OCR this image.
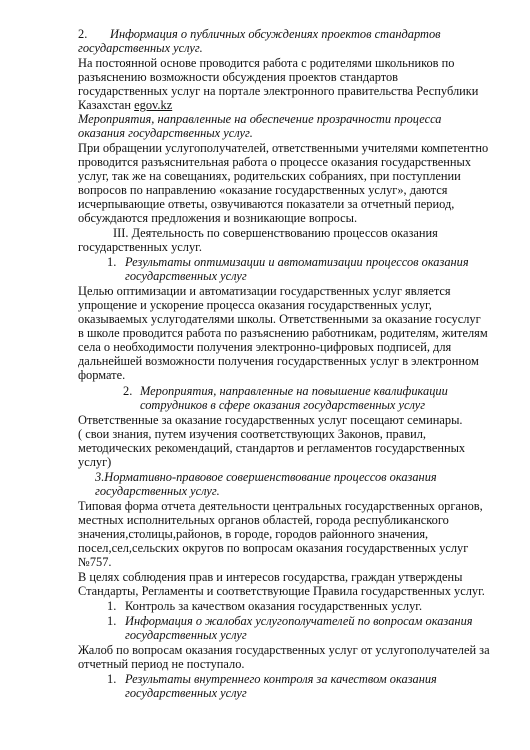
2. Информация о публичных обсуждениях проектов стандартов

государственных услуг.

На постоянной основе проводится работа с родителями школьников по

разъяснению возможности обсуждения проектов стандартов

государственных услуг на портале электронного правительства Республики

Казахстан egov.kz

Мероприятия, направленные на обеспечение прозрачности процесса

оказания государственных услуг.

При обращении услугополучателей, ответственными учителями компетентно

проводится разъяснительная работа о процессе оказания государственных

услуг, так же на совещаниях, родительских собраниях, при поступлении

вопросов по направлению «оказание государственных услуг», даются

исчерпывающие ответы, озвучиваются показатели за отчетный период,

обсуждаются предложения и возникающие вопросы.

III. Деятельность по совершенствованию процессов оказания

государственных услуг.

1. Результаты оптимизации и автоматизации процессов оказания

государственных услуг

Целью оптимизации и автоматизации государственных услуг является

упрощение и ускорение процесса оказания государственных услуг,

оказываемых услугодателями школы. Ответственными за оказание госуслуг

в школе проводится работа по разъяснению работникам, родителям, жителям

села о необходимости получения электронно-цифровых подписей, для

дальнейшей возможности получения государственных услуг в электронном

формате.

2. Мероприятия, направленные на повышение квалификации

сотрудников в сфере оказания государственных услуг

Ответственные за оказание государственных услуг посещают семинары.

( свои знания, путем изучения соответствующих Законов, правил,

методических рекомендаций, стандартов и регламентов государственных

услуг)

3.Нормативно-правовое совершенствование процессов оказания

государственных услуг.

Типовая форма отчета деятельности центральных государственных органов,

местных исполнительных органов областей, города республиканского

значения,столицы,районов, в городе, городов районного значения,

посел,сел,сельских округов по вопросам оказания государственных услуг

№757.

В целях соблюдения прав и интересов государства, граждан утверждены

Стандарты, Регламенты и соответствующие Правила государственных услуг.

1. Контроль за качеством оказания государственных услуг.

1. Информация о жалобах услугополучателей по вопросам оказания

государственных услуг

Жалоб по вопросам оказания государственных услуг от услугополучателей за

отчетный период не поступало.

1. Результаты внутреннего контроля за качеством оказания

государственных услуг
